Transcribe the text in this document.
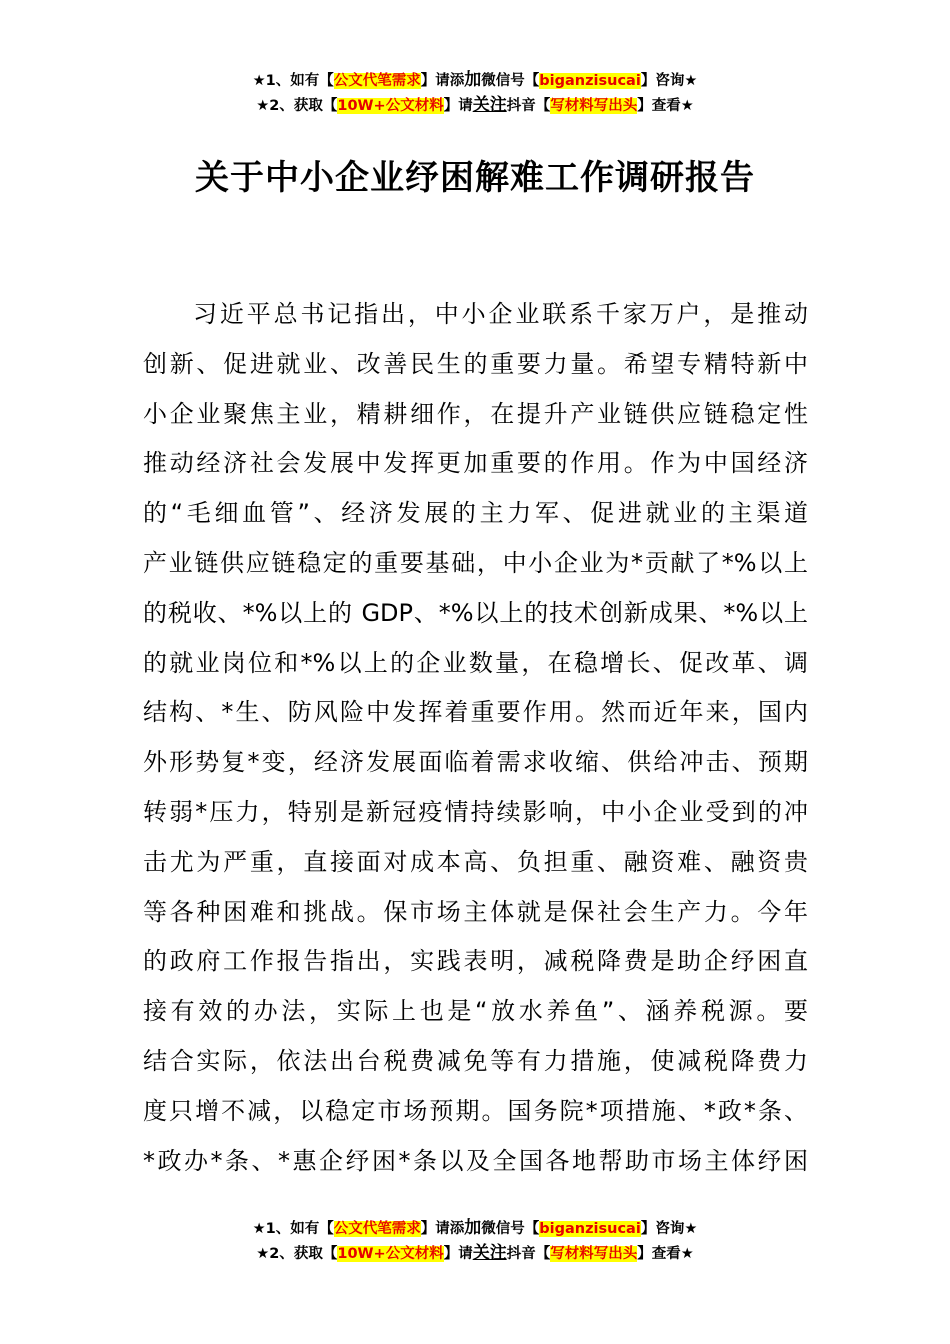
★1、如有【公文代笔需求】请添加微信号【biganzisucai】咨询★
★2、获取【10W+公文材料】请关注抖音【写材料写出头】查看★
关于中小企业纾困解难工作调研报告
习近平总书记指出，中小企业联系千家万户，是推动
创新、促进就业、改善民生的重要力量。希望专精特新中
小企业聚焦主业，精耕细作，在提升产业链供应链稳定性
推动经济社会发展中发挥更加重要的作用。作为中国经济
的“毛细血管”、经济发展的主力军、促进就业的主渠道
产业链供应链稳定的重要基础，中小企业为*贡献了*%以上
的税收、*%以上的 GDP、*%以上的技术创新成果、*%以上
的就业岗位和*%以上的企业数量，在稳增长、促改革、调
结构、*生、防风险中发挥着重要作用。然而近年来，国内
外形势复*变，经济发展面临着需求收缩、供给冲击、预期
转弱*压力，特别是新冠疫情持续影响，中小企业受到的冲
击尤为严重，直接面对成本高、负担重、融资难、融资贵
等各种困难和挑战。保市场主体就是保社会生产力。今年
的政府工作报告指出，实践表明，减税降费是助企纾困直
接有效的办法，实际上也是“放水养鱼”、涵养税源。要
结合实际，依法出台税费减免等有力措施，使减税降费力
度只增不减，以稳定市场预期。国务院*项措施、*政*条、
*政办*条、*惠企纾困*条以及全国各地帮助市场主体纾困
★1、如有【公文代笔需求】请添加微信号【biganzisucai】咨询★
★2、获取【10W+公文材料】请关注抖音【写材料写出头】查看★
